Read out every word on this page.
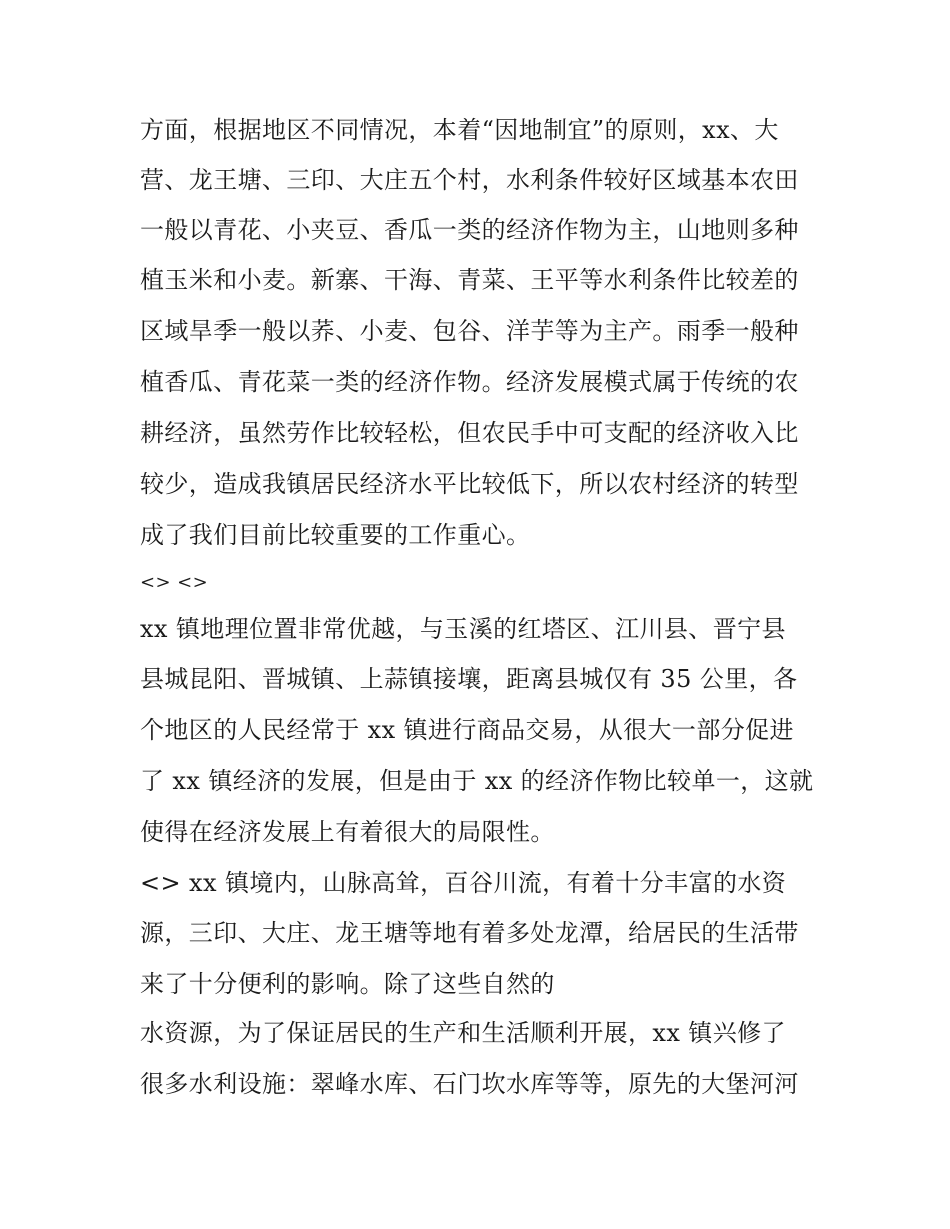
方面，根据地区不同情况，本着“因地制宜”的原则，xx、大
营、龙王塘、三印、大庄五个村，水利条件较好区域基本农田
一般以青花、小夹豆、香瓜一类的经济作物为主，山地则多种
植玉米和小麦。新寨、干海、青菜、王平等水利条件比较差的
区域旱季一般以荞、小麦、包谷、洋芋等为主产。雨季一般种
植香瓜、青花菜一类的经济作物。经济发展模式属于传统的农
耕经济，虽然劳作比较轻松，但农民手中可支配的经济收入比
较少，造成我镇居民经济水平比较低下，所以农村经济的转型
成了我们目前比较重要的工作重心。
<> <>
xx 镇地理位置非常优越，与玉溪的红塔区、江川县、晋宁县
县城昆阳、晋城镇、上蒜镇接壤，距离县城仅有 35 公里，各
个地区的人民经常于 xx 镇进行商品交易，从很大一部分促进
了 xx 镇经济的发展，但是由于 xx 的经济作物比较单一，这就
使得在经济发展上有着很大的局限性。
<> xx 镇境内，山脉高耸，百谷川流，有着十分丰富的水资
源，三印、大庄、龙王塘等地有着多处龙潭，给居民的生活带
来了十分便利的影响。除了这些自然的
水资源，为了保证居民的生产和生活顺利开展，xx 镇兴修了
很多水利设施：翠峰水库、石门坎水库等等，原先的大堡河河
